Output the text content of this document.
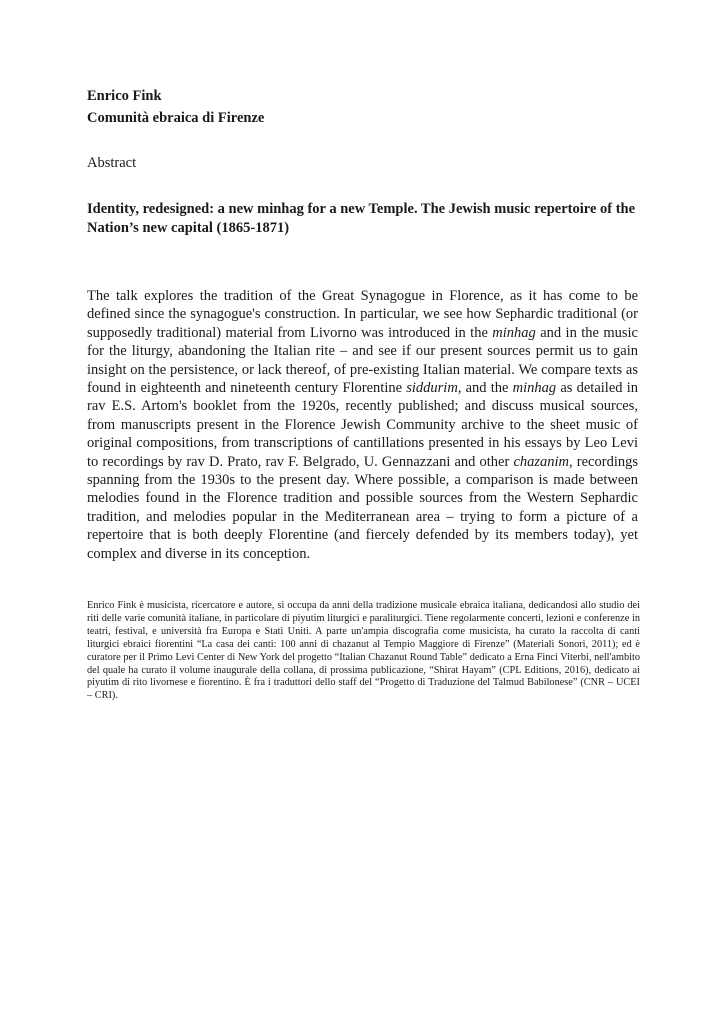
Enrico Fink
Comunità ebraica di Firenze
Abstract
Identity, redesigned: a new minhag for a new Temple. The Jewish music repertoire of the Nation’s new capital (1865-1871)
The talk explores the tradition of the Great Synagogue in Florence, as it has come to be defined since the synagogue's construction. In particular, we see how Sephardic traditional (or supposedly traditional) material from Livorno was introduced in the minhag and in the music for the liturgy, abandoning the Italian rite – and see if our present sources permit us to gain insight on the persistence, or lack thereof, of pre-existing Italian material. We compare texts as found in eighteenth and nineteenth century Florentine siddurim, and the minhag as detailed in rav E.S. Artom's booklet from the 1920s, recently published; and discuss musical sources, from manuscripts present in the Florence Jewish Community archive to the sheet music of original compositions, from transcriptions of cantillations presented in his essays by Leo Levi to recordings by rav D. Prato, rav F. Belgrado, U. Gennazzani and other chazanim, recordings spanning from the 1930s to the present day. Where possible, a comparison is made between melodies found in the Florence tradition and possible sources from the Western Sephardic tradition, and melodies popular in the Mediterranean area – trying to form a picture of a repertoire that is both deeply Florentine (and fiercely defended by its members today), yet complex and diverse in its conception.
Enrico Fink è musicista, ricercatore e autore, si occupa da anni della tradizione musicale ebraica italiana, dedicandosi allo studio dei riti delle varie comunità italiane, in particolare di piyutim liturgici e paraliturgici. Tiene regolarmente concerti, lezioni e conferenze in teatri, festival, e università fra Europa e Stati Uniti. A parte un'ampia discografia come musicista, ha curato la raccolta di canti liturgici ebraici fiorentini “La casa dei canti: 100 anni di chazanut al Tempio Maggiore di Firenze” (Materiali Sonori, 2011); ed è curatore per il Primo Levi Center di New York del progetto “Italian Chazanut Round Table” dedicato a Erna Finci Viterbi, nell'ambito del quale ha curato il volume inaugurale della collana, di prossima publicazione, “Shirat Hayam” (CPL Editions, 2016), dedicato ai piyutim di rito livornese e fiorentino. È fra i traduttori dello staff del “Progetto di Traduzione del Talmud Babilonese” (CNR – UCEI – CRI).
